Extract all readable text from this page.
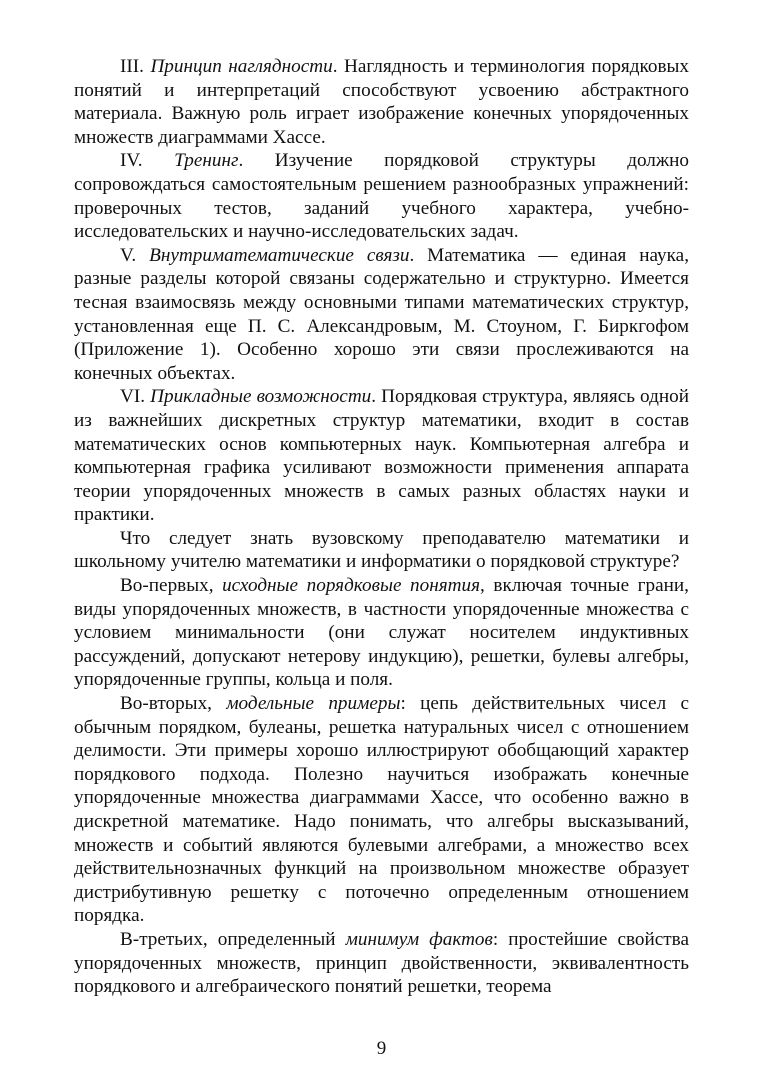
III. Принцип наглядности. Наглядность и терминология порядковых понятий и интерпретаций способствуют усвоению абстрактного материала. Важную роль играет изображение конечных упорядоченных множеств диаграммами Хассе.

IV. Тренинг. Изучение порядковой структуры должно сопровождаться самостоятельным решением разнообразных упражнений: проверочных тестов, заданий учебного характера, учебно-исследовательских и научно-исследовательских задач.

V. Внутриматематические связи. Математика — единая наука, разные разделы которой связаны содержательно и структурно. Имеется тесная взаимосвязь между основными типами математических структур, установленная еще П. С. Александровым, М. Стоуном, Г. Биркгофом (Приложение 1). Особенно хорошо эти связи прослеживаются на конечных объектах.

VI. Прикладные возможности. Порядковая структура, являясь одной из важнейших дискретных структур математики, входит в состав математических основ компьютерных наук. Компьютерная алгебра и компьютерная графика усиливают возможности применения аппарата теории упорядоченных множеств в самых разных областях науки и практики.

Что следует знать вузовскому преподавателю математики и школьному учителю математики и информатики о порядковой структуре?

Во-первых, исходные порядковые понятия, включая точные грани, виды упорядоченных множеств, в частности упорядоченные множества с условием минимальности (они служат носителем индуктивных рассуждений, допускают нетерову индукцию), решетки, булевы алгебры, упорядоченные группы, кольца и поля.

Во-вторых, модельные примеры: цепь действительных чисел с обычным порядком, булеаны, решетка натуральных чисел с отношением делимости. Эти примеры хорошо иллюстрируют обобщающий характер порядкового подхода. Полезно научиться изображать конечные упорядоченные множества диаграммами Хассе, что особенно важно в дискретной математике. Надо понимать, что алгебры высказываний, множеств и событий являются булевыми алгебрами, а множество всех действительнозначных функций на произвольном множестве образует дистрибутивную решетку с поточечно определенным отношением порядка.

В-третьих, определенный минимум фактов: простейшие свойства упорядоченных множеств, принцип двойственности, эквивалентность порядкового и алгебраического понятий решетки, теорема

9
